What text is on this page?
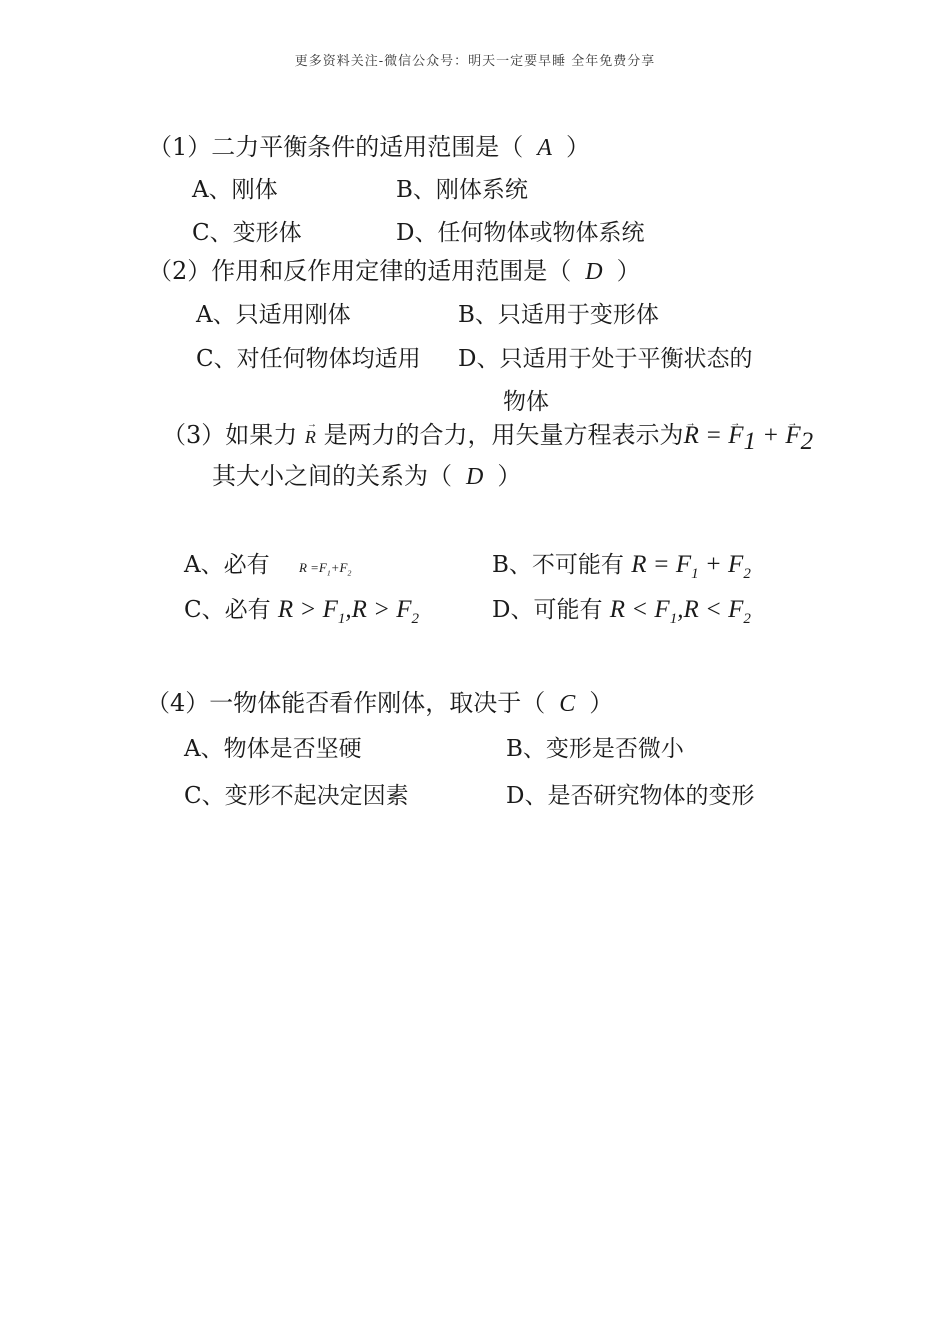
更多资料关注-微信公众号：明天一定要早睡 全年免费分享
（1）二力平衡条件的适用范围是（ A ）
A、刚体	B、刚体系统
C、变形体	D、任何物体或物体系统
（2）作用和反作用定律的适用范围是（ D ）
A、只适用刚体	B、只适用于变形体
C、对任何物体均适用 D、只适用于处于平衡状态的
物体
（3）如果力 → R 是两力的合力，用矢量方程表示为→ R = → $F_1$ + → $F_2$
其大小之间的关系为（ D ）
A、必有 $R =F_1+F_2$	B、不可能有 $R = F_1 + F_2$
C、必有 $R > F_1,R > F_2$	D、可能有 $R < F_1,R < F_2$
（4）一物体能否看作刚体，取决于（ C ）
A、物体是否坚硬	B、变形是否微小
C、变形不起决定因素	D、是否研究物体的变形
